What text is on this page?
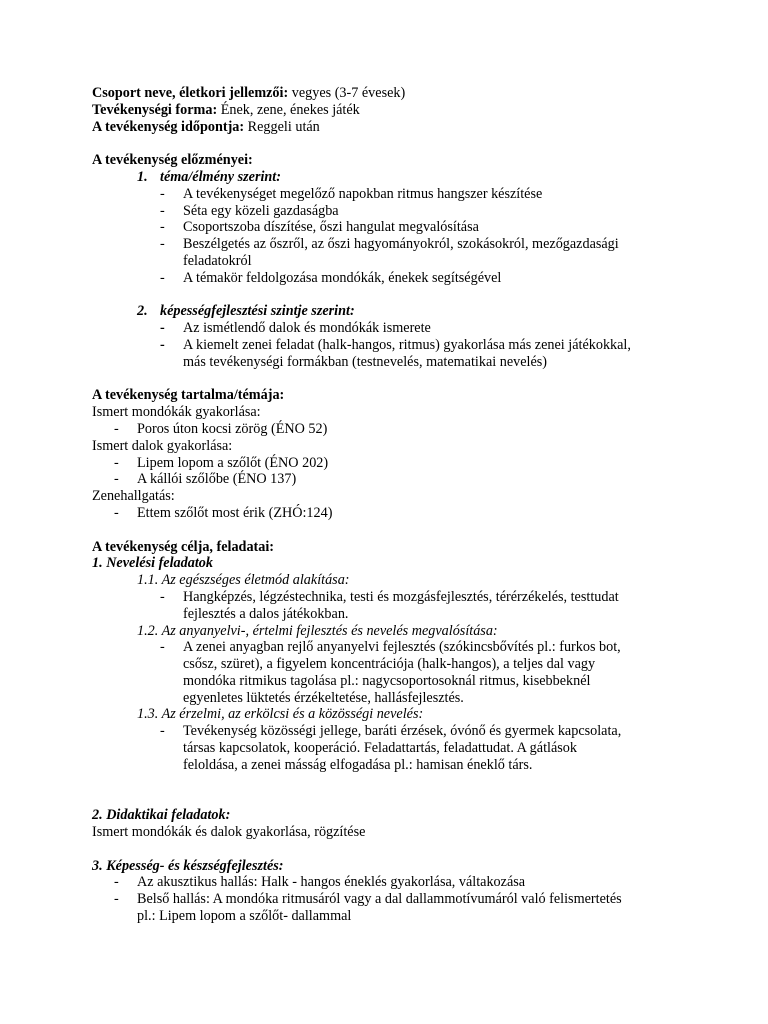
Csoport neve, életkori jellemzői: vegyes (3-7 évesek)
Tevékenységi forma: Ének, zene, énekes játék
A tevékenység időpontja: Reggeli után
A tevékenység előzményei:
1. téma/élmény szerint:
- A tevékenységet megelőző napokban ritmus hangszer készítése
- Séta egy közeli gazdaságba
- Csoportszoba díszítése, őszi hangulat megvalósítása
- Beszélgetés az őszről, az őszi hagyományokról, szokásokról, mezőgazdasági
feladatokról
- A témakör feldolgozása mondókák, énekek segítségével
2. képességfejlesztési szintje szerint:
- Az ismétlendő dalok és mondókák ismerete
- A kiemelt zenei feladat (halk-hangos, ritmus) gyakorlása más zenei játékokkal,
más tevékenységi formákban (testnevelés, matematikai nevelés)
A tevékenység tartalma/témája:
Ismert mondókák gyakorlása:
- Poros úton kocsi zörög (ÉNO 52)
Ismert dalok gyakorlása:
- Lipem lopom a szőlőt (ÉNO 202)
- A kállói szőlőbe (ÉNO 137)
Zenehallgatás:
- Ettem szőlőt most érik (ZHÓ:124)
A tevékenység célja, feladatai:
1. Nevelési feladatok
1.1. Az egészséges életmód alakítása:
- Hangképzés, légzéstechnika, testi és mozgásfejlesztés, térérzékelés, testtudat
fejlesztés a dalos játékokban.
1.2. Az anyanyelvi-, értelmi fejlesztés és nevelés megvalósítása:
- A zenei anyagban rejlő anyanyelvi fejlesztés (szókincsbővítés pl.: furkos bot,
csősz, szüret), a figyelem koncentrációja (halk-hangos), a teljes dal vagy
mondóka ritmikus tagolása pl.: nagycsoportosoknál ritmus, kisebbeknél
egyenletes lüktetés érzékeltetése, hallásfejlesztés.
1.3. Az érzelmi, az erkölcsi és a közösségi nevelés:
- Tevékenység közösségi jellege, baráti érzések, óvónő és gyermek kapcsolata,
társas kapcsolatok, kooperáció. Feladattartás, feladattudat. A gátlások
feloldása, a zenei másság elfogadása pl.: hamisan éneklő társ.
2. Didaktikai feladatok:
Ismert mondókák és dalok gyakorlása, rögzítése
3. Képesség- és készségfejlesztés:
- Az akusztikus hallás: Halk - hangos éneklés gyakorlása, váltakozása
- Belső hallás: A mondóka ritmusáról vagy a dal dallammotívumáról való felismertetés
pl.: Lipem lopom a szőlőt- dallammal
